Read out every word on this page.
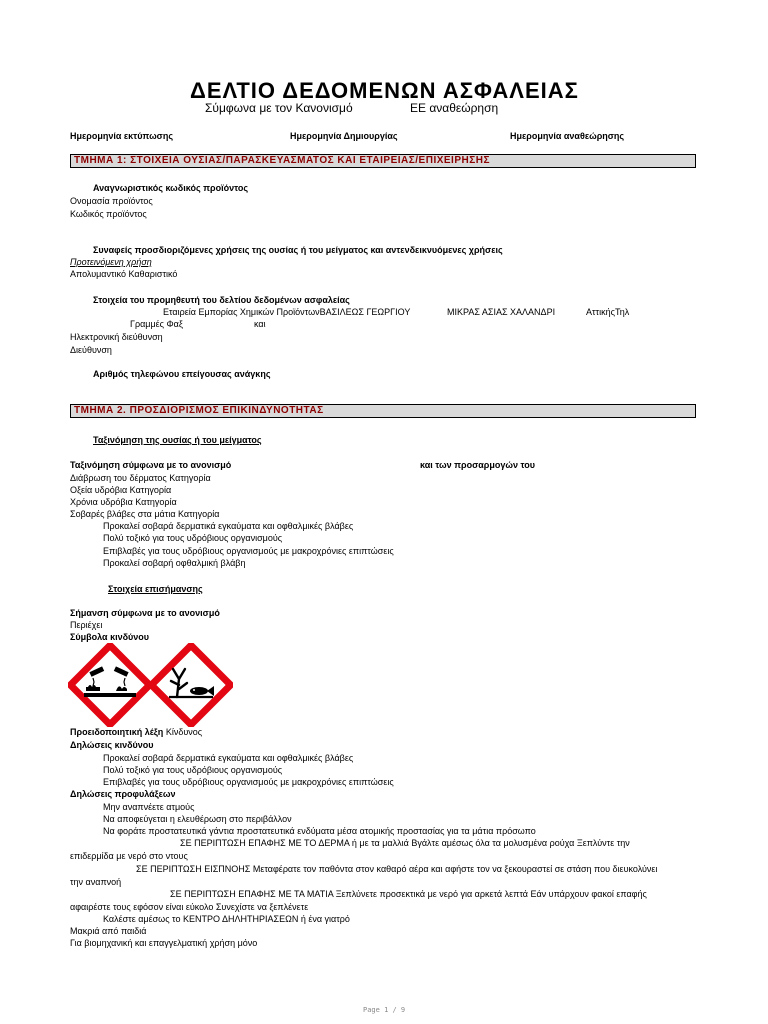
ΔΕΛΤΙΟ ΔΕΔΟΜΕΝΩΝ ΑΣΦΑΛΕΙΑΣ
Σύμφωνα με τον Κανονισμό	ΕΕ αναθεώρηση
Ημερομηνία εκτύπωσης	Ημερομηνία Δημιουργίας	Ημερομηνία αναθεώρησης
ΤΜΗΜΑ 1: ΣΤΟΙΧΕΙΑ ΟΥΣΙΑΣ/ΠΑΡΑΣΚΕΥΑΣΜΑΤΟΣ ΚΑΙ ΕΤΑΙΡΕΙΑΣ/ΕΠΙΧΕΙΡΗΣΗΣ
Αναγνωριστικός κωδικός προϊόντος
Ονομασία προϊόντος
Κωδικός προϊόντος
Συναφείς προσδιοριζόμενες χρήσεις της ουσίας ή του μείγματος και αντενδεικνυόμενες χρήσεις
Προτεινόμενη χρήση
Απολυμαντικό Καθαριστικό
Στοιχεία του προμηθευτή του δελτίου δεδομένων ασφαλείας
Εταιρεία Εμπορίας Χημικών ΠροϊόντωνΒΑΣΙΛΕΩΣ ΓΕΩΡΓΙΟΥ	ΜΙΚΡΑΣ ΑΣΙΑΣ ΧΑΛΑΝΔΡΙ	ΑττικήςΤηλ
Γραμμές Φαξ	και
Ηλεκτρονική διεύθυνση
Διεύθυνση
Αριθμός τηλεφώνου επείγουσας ανάγκης
ΤΜΗΜΑ 2. ΠΡΟΣΔΙΟΡΙΣΜΟΣ ΕΠΙΚΙΝΔΥΝΟΤΗΤΑΣ
Ταξινόμηση της ουσίας ή του μείγματος
Ταξινόμηση σύμφωνα με το ανονισμό	και των προσαρμογών του
Διάβρωση του δέρματος Κατηγορία
Οξεία υδρόβια Κατηγορία
Χρόνια υδρόβια Κατηγορία
Σοβαρές βλάβες στα μάτια Κατηγορία
Προκαλεί σοβαρά δερματικά εγκαύματα και οφθαλμικές βλάβες
Πολύ τοξικό για τους υδρόβιους οργανισμούς
Επιβλαβές για τους υδρόβιους οργανισμούς με μακροχρόνιες επιπτώσεις
Προκαλεί σοβαρή οφθαλμική βλάβη
Στοιχεία επισήμανσης
Σήμανση σύμφωνα με το ανονισμό
Περιέχει
Σύμβολα κινδύνου
Προειδοποιητική λέξη Κίνδυνος
Δηλώσεις κινδύνου
Προκαλεί σοβαρά δερματικά εγκαύματα και οφθαλμικές βλάβες
Πολύ τοξικό για τους υδρόβιους οργανισμούς
Επιβλαβές για τους υδρόβιους οργανισμούς με μακροχρόνιες επιπτώσεις
Δηλώσεις προφυλάξεων
Μην αναπνέετε ατμούς
Να αποφεύγεται η ελευθέρωση στο περιβάλλον
Να φοράτε προστατευτικά γάντια προστατευτικά ενδύματα μέσα ατομικής προστασίας για τα μάτια πρόσωπο
ΣΕ ΠΕΡΙΠΤΩΣΗ ΕΠΑΦΗΣ ΜΕ ΤΟ ΔΕΡΜΑ ή με τα μαλλιά Βγάλτε αμέσως όλα τα μολυσμένα ρούχα Ξεπλύντε την
επιδερμίδα με νερό στο ντους
ΣΕ ΠΕΡΙΠΤΩΣΗ ΕΙΣΠΝΟΗΣ Μεταφέρατε τον παθόντα στον καθαρό αέρα και αφήστε τον να ξεκουραστεί σε στάση που διευκολύνει
την αναπνοή
ΣΕ ΠΕΡΙΠΤΩΣΗ ΕΠΑΦΗΣ ΜΕ ΤΑ ΜΑΤΙΑ Ξεπλύνετε προσεκτικά με νερό για αρκετά λεπτά Εάν υπάρχουν φακοί επαφής
αφαιρέστε τους εφόσον είναι εύκολο Συνεχίστε να ξεπλένετε
Καλέστε αμέσως το ΚΕΝΤΡΟ ΔΗΛΗΤΗΡΙΑΣΕΩΝ ή ένα γιατρό
Μακριά από παιδιά
Για βιομηχανική και επαγγελματική χρήση μόνο
Page 1 / 9
